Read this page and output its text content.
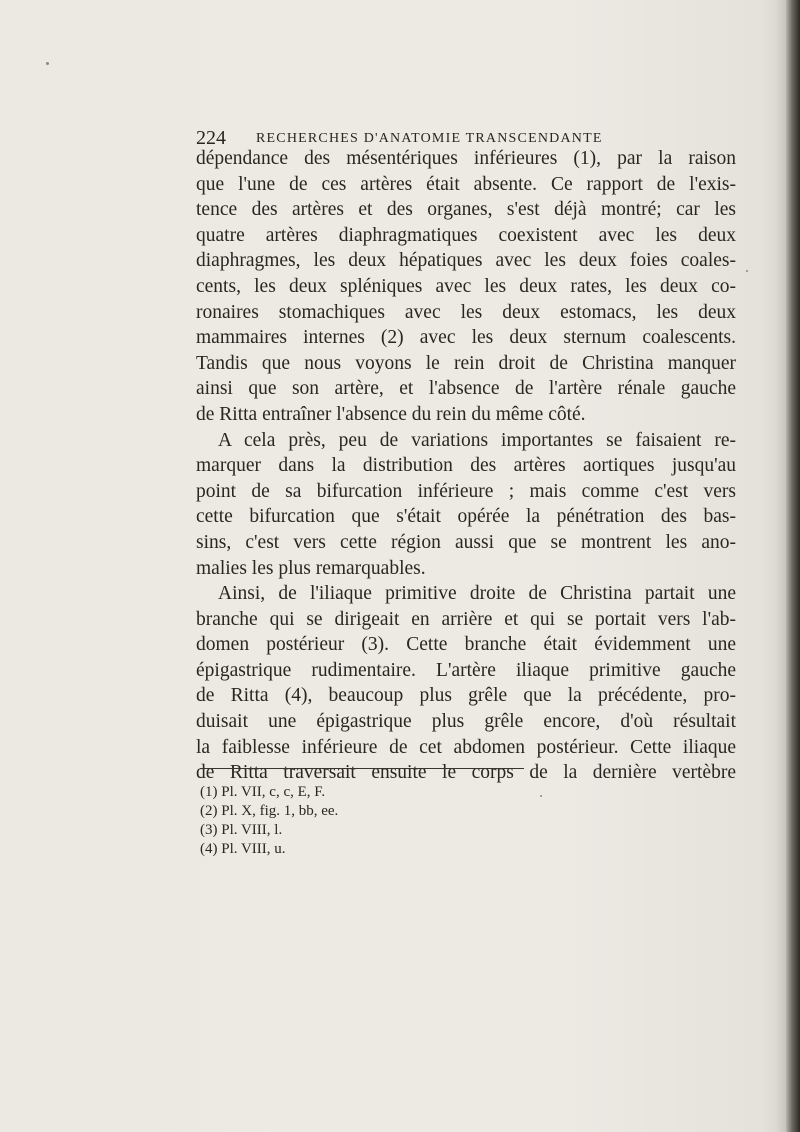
224 RECHERCHES D'ANATOMIE TRANSCENDANTE
dépendance des mésentériques inférieures (1), par la raison
que l'une de ces artères était absente. Ce rapport de l'exis-
tence des artères et des organes, s'est déjà montré; car les
quatre artères diaphragmatiques coexistent avec les deux
diaphragmes, les deux hépatiques avec les deux foies coales-
cents, les deux spléniques avec les deux rates, les deux co-
ronaires stomachiques avec les deux estomacs, les deux
mammaires internes (2) avec les deux sternum coalescents.
Tandis que nous voyons le rein droit de Christina manquer
ainsi que son artère, et l'absence de l'artère rénale gauche
de Ritta entraîner l'absence du rein du même côté.
A cela près, peu de variations importantes se faisaient re-
marquer dans la distribution des artères aortiques jusqu'au
point de sa bifurcation inférieure ; mais comme c'est vers
cette bifurcation que s'était opérée la pénétration des bas-
sins, c'est vers cette région aussi que se montrent les ano-
malies les plus remarquables.
Ainsi, de l'iliaque primitive droite de Christina partait une
branche qui se dirigeait en arrière et qui se portait vers l'ab-
domen postérieur (3). Cette branche était évidemment une
épigastrique rudimentaire. L'artère iliaque primitive gauche
de Ritta (4), beaucoup plus grêle que la précédente, pro-
duisait une épigastrique plus grêle encore, d'où résultait
la faiblesse inférieure de cet abdomen postérieur. Cette iliaque
de Ritta traversait ensuite le corps de la dernière vertèbre
(1) Pl. VII, c, c, E, F.
(2) Pl. X, fig. 1, bb, ee.
(3) Pl. VIII, l.
(4) Pl. VIII, u.
